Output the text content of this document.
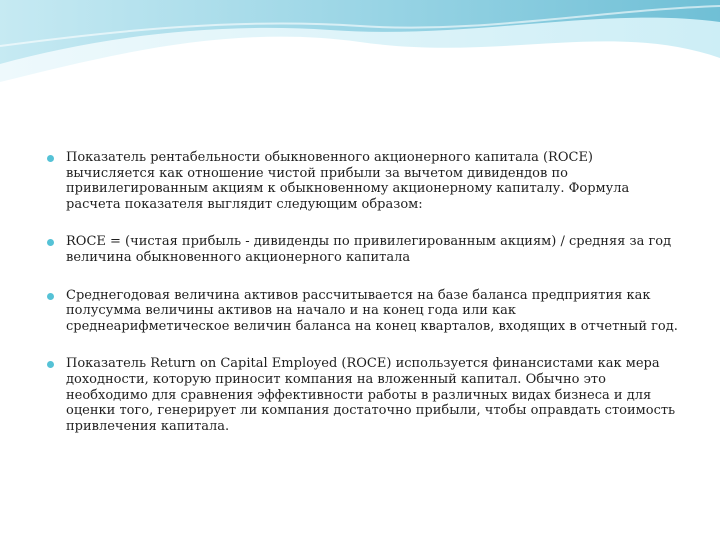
Показатель рентабельности обыкновенного акционерного капитала (ROCE) вычисляется как отношение чистой прибыли за вычетом дивидендов по привилегированным акциям к обыкновенному акционерному капиталу. Формула расчета показателя выглядит следующим образом:
ROCE = (чистая прибыль - дивиденды по привилегированным акциям) / средняя за год величина обыкновенного акционерного капитала
Среднегодовая величина активов рассчитывается на базе баланса предприятия как полусумма величины активов на начало и на конец года или как среднеарифметическое величин баланса на конец кварталов, входящих в отчетный год.
Показатель Return on Capital Employed (ROCE) используется финансистами как мера доходности, которую приносит компания на вложенный капитал. Обычно это необходимо для сравнения эффективности работы в различных видах бизнеса и для оценки того, генерирует ли компания достаточно прибыли, чтобы оправдать стоимость привлечения капитала.
